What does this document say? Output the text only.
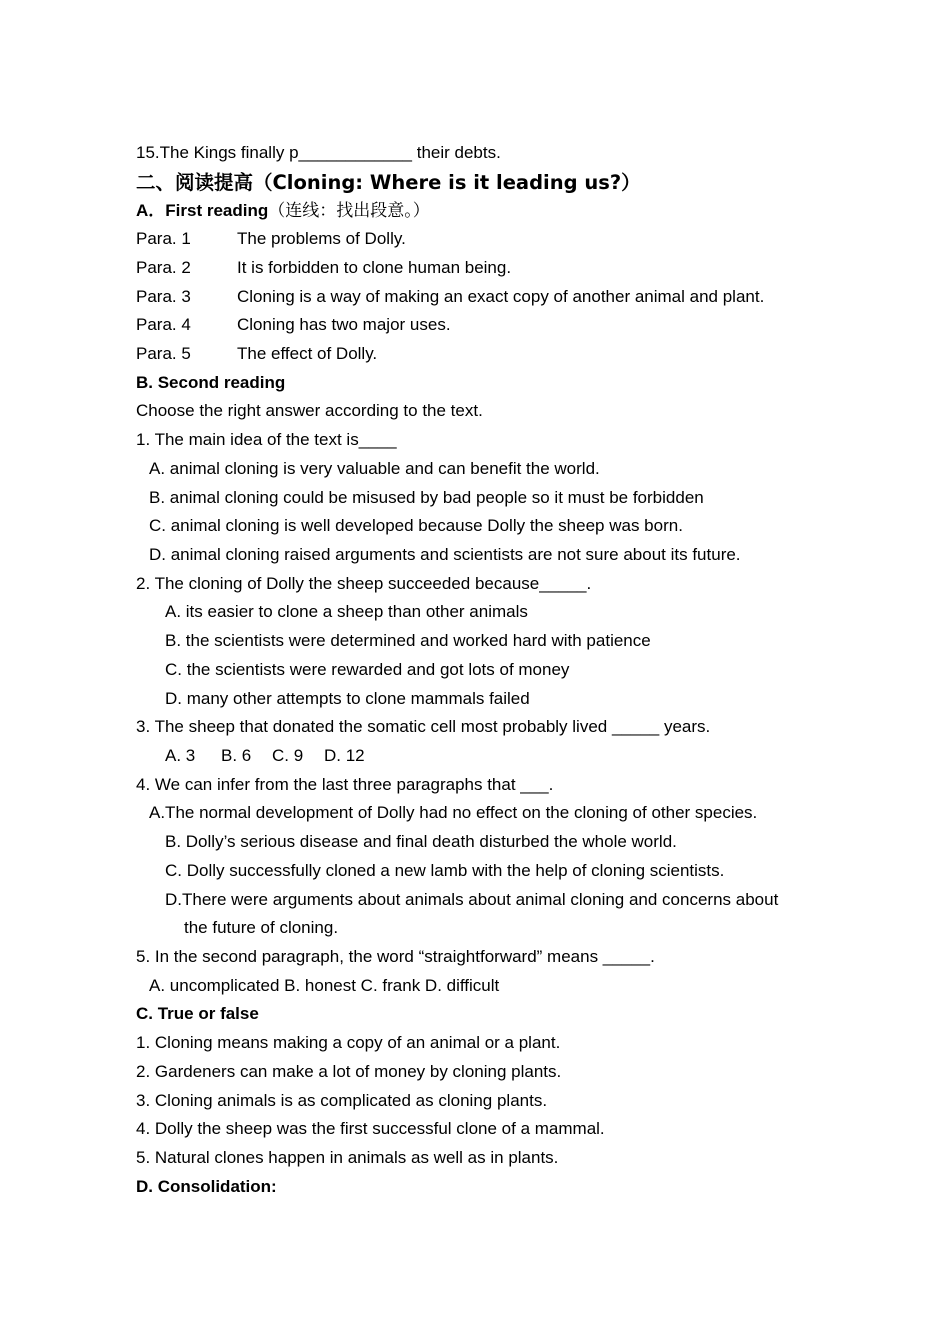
15.The Kings finally p____________ their debts.
二、阅读提高（Cloning: Where is it leading us?）
A．First reading（连线：找出段意。）
Para. 1	The problems of Dolly.
Para. 2	It is forbidden to clone human being.
Para. 3	Cloning is a way of making an exact copy of another animal and plant.
Para. 4	Cloning has two major uses.
Para. 5	The effect of Dolly.
B. Second reading
Choose the right answer according to the text.
1. The main idea of the text is____
A. animal cloning is very valuable and can benefit the world.
B. animal cloning could be misused by bad people so it must be forbidden
C. animal cloning is well developed because Dolly the sheep was born.
D. animal cloning raised arguments and scientists are not sure about its future.
2. The cloning of Dolly the sheep succeeded because_____.
A. its easier to clone a sheep than other animals
B. the scientists were determined and worked hard with patience
C. the scientists were rewarded and got lots of money
D. many other attempts to clone mammals failed
3. The sheep that donated the somatic cell most probably lived _____ years.
A. 3 B. 6 C. 9 D. 12
4. We can infer from the last three paragraphs that ___.
A.The normal development of Dolly had no effect on the cloning of other species.
B. Dolly’s serious disease and final death disturbed the whole world.
C. Dolly successfully cloned a new lamb with the help of cloning scientists.
D.There were arguments about animals about animal cloning and concerns about
the future of cloning.
5. In the second paragraph, the word “straightforward” means _____.
A. uncomplicated B. honest C. frank D. difficult
C. True or false
1. Cloning means making a copy of an animal or a plant.
2. Gardeners can make a lot of money by cloning plants.
3. Cloning animals is as complicated as cloning plants.
4. Dolly the sheep was the first successful clone of a mammal.
5. Natural clones happen in animals as well as in plants.
D. Consolidation:
